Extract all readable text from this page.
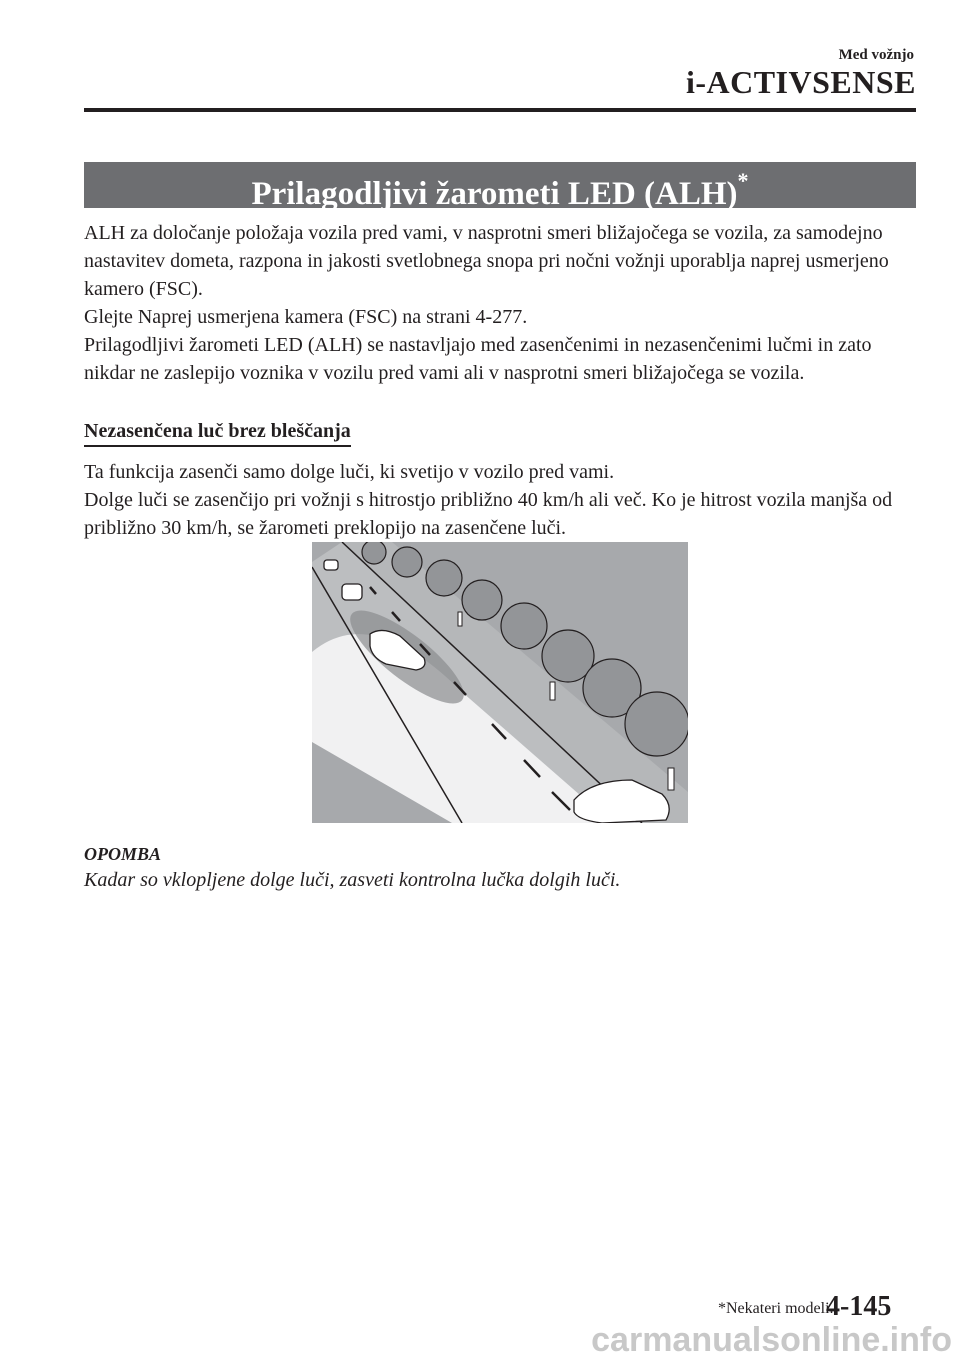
Med vožnjo
i-ACTIVSENSE
Prilagodljivi žarometi LED (ALH)*

ALH za določanje položaja vozila pred vami, v nasprotni smeri bližajočega se vozila, za samodejno nastavitev dometa, razpona in jakosti svetlobnega snopa pri nočni vožnji uporablja naprej usmerjeno kamero (FSC).

Glejte Naprej usmerjena kamera (FSC) na strani 4-277.

Prilagodljivi žarometi LED (ALH) se nastavljajo med zasenčenimi in nezasenčenimi lučmi in zato nikdar ne zaslepijo voznika v vozilu pred vami ali v nasprotni smeri bližajočega se vozila.

Nezasenčena luč brez bleščanja

Ta funkcija zasenči samo dolge luči, ki svetijo v vozilo pred vami.

Dolge luči se zasenčijo pri vožnji s hitrostjo približno 40 km/h ali več. Ko je hitrost vozila manjša od približno 30 km/h, se žarometi preklopijo na zasenčene luči.

OPOMBA
Kadar so vklopljene dolge luči, zasveti kontrolna lučka dolgih luči.
*Nekateri modeli.
4-145
carmanualsonline.info
